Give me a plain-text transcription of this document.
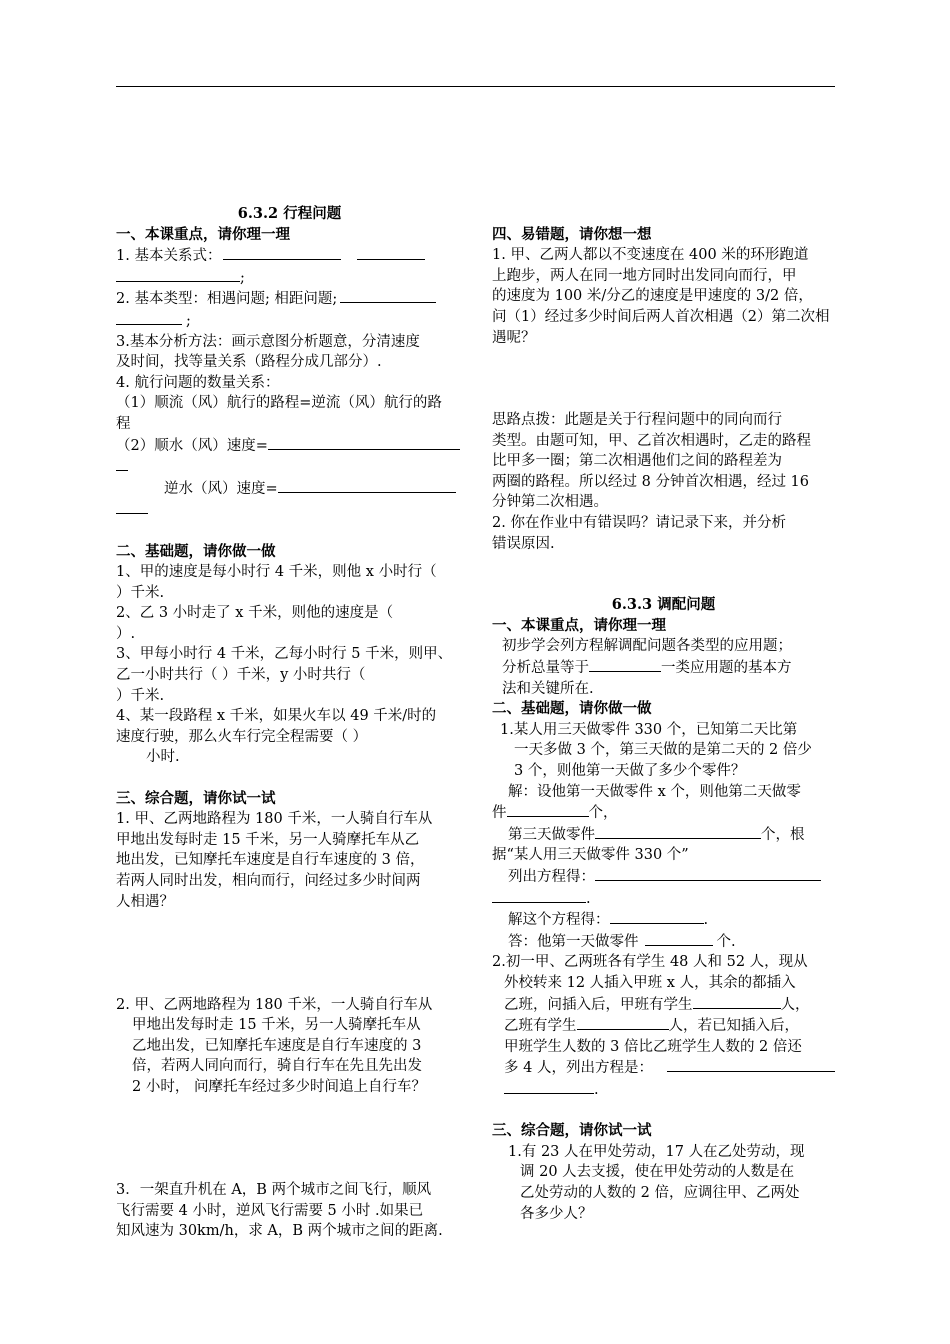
6.3.2 行程问题
一、本课重点，请你理一理
1. 基本关系式：
;
2. 基本类型：相遇问题; 相距问题;
;
3.基本分析方法：画示意图分析题意，分清速度
及时间，找等量关系（路程分成几部分）.
4. 航行问题的数量关系：
（1）顺流（风）航行的路程=逆流（风）航行的路
程
（2）顺水（风）速度=
逆水（风）速度=
二、基础题，请你做一做
1、甲的速度是每小时行 4 千米，则他 x 小时行（
）千米.
2、乙 3 小时走了 x 千米，则他的速度是（
）.
3、甲每小时行 4 千米，乙每小时行 5 千米，则甲、
乙一小时共行（ ）千米，y 小时共行（
）千米.
4、某一段路程 x 千米，如果火车以 49 千米/时的
速度行驶，那么火车行完全程需要（ ）
小时.
三、综合题，请你试一试
1. 甲、乙两地路程为 180 千米，一人骑自行车从
甲地出发每时走 15 千米，另一人骑摩托车从乙
地出发，已知摩托车速度是自行车速度的 3 倍，
若两人同时出发，相向而行，问经过多少时间两
人相遇？
2. 甲、乙两地路程为 180 千米，一人骑自行车从
甲地出发每时走 15 千米，另一人骑摩托车从
乙地出发，已知摩托车速度是自行车速度的 3
倍，若两人同向而行，骑自行车在先且先出发
2 小时， 问摩托车经过多少时间追上自行车？
3．一架直升机在 A，B 两个城市之间飞行，顺风
飞行需要 4 小时，逆风飞行需要 5 小时 .如果已
知风速为 30km/h，求 A，B 两个城市之间的距离.
四、易错题，请你想一想
1. 甲、乙两人都以不变速度在 400 米的环形跑道
上跑步，两人在同一地方同时出发同向而行，甲
的速度为 100 米/分乙的速度是甲速度的 3/2 倍，
问（1）经过多少时间后两人首次相遇（2）第二次相
遇呢？
思路点拨：此题是关于行程问题中的同向而行
类型。由题可知，甲、乙首次相遇时，乙走的路程
比甲多一圈；第二次相遇他们之间的路程差为
两圈的路程。所以经过 8 分钟首次相遇，经过 16
分钟第二次相遇。
2. 你在作业中有错误吗？请记录下来，并分析
错误原因.
6.3.3 调配问题
一、本课重点，请你理一理
初步学会列方程解调配问题各类型的应用题；
分析总量等于	一类应用题的基本方
法和关键所在.
二、基础题，请你做一做
1.某人用三天做零件 330 个，已知第二天比第
一天多做 3 个，第三天做的是第二天的 2 倍少
3 个，则他第一天做了多少个零件？
解：设他第一天做零件 x 个，则他第二天做零
件	个，
第三天做零件	个，根
据“某人用三天做零件 330 个”
列出方程得：
.
解这个方程得：	.
答：他第一天做零件	个.
2.初一甲、乙两班各有学生 48 人和 52 人，现从
外校转来 12 人插入甲班 x 人，其余的都插入
乙班，问插入后，甲班有学生	人，
乙班有学生	人，若已知插入后，
甲班学生人数的 3 倍比乙班学生人数的 2 倍还
多 4 人，列出方程是：
.
三、综合题，请你试一试
1.有 23 人在甲处劳动，17 人在乙处劳动，现
调 20 人去支援，使在甲处劳动的人数是在
乙处劳动的人数的 2 倍，应调往甲、乙两处
各多少人？
